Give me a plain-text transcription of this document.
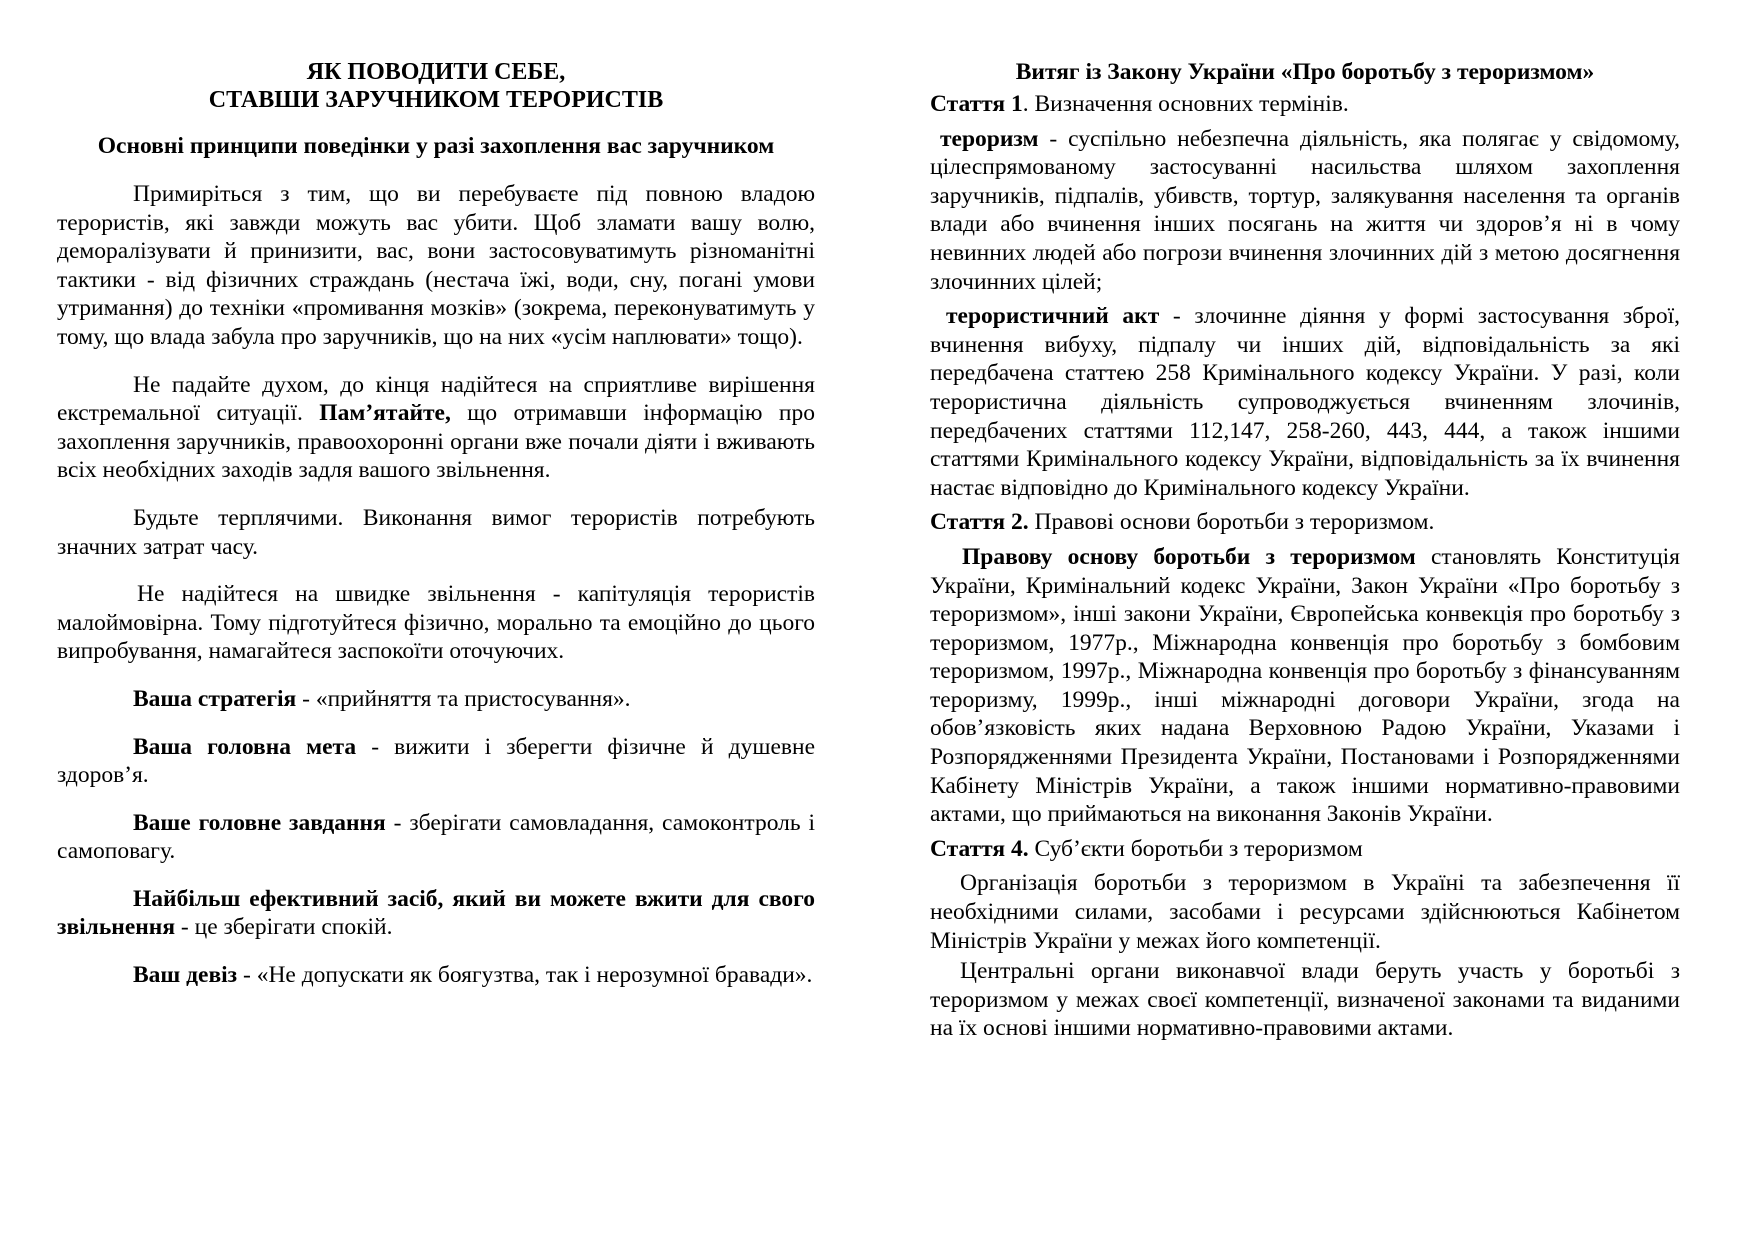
ЯК ПОВОДИТИ СЕБЕ,
СТАВШИ ЗАРУЧНИКОМ ТЕРОРИСТІВ
Основні принципи поведінки у разі захоплення вас заручником

Примиріться з тим, що ви перебуваєте під повною владою терористів, які завжди можуть вас убити. Щоб зламати вашу волю, деморалізувати й принизити, вас, вони застосовуватимуть різноманітні тактики - від фізичних страждань (нестача їжі, води, сну, погані умови утримання) до техніки «промивання мозків» (зокрема, переконуватимуть у тому, що влада забула про заручників, що на них «усім наплювати» тощо).

Не падайте духом, до кінця надійтеся на сприятливе вирішення екстремальної ситуації. Пам’ятайте, що отримавши інформацію про захоплення заручників, правоохоронні органи вже почали діяти і вживають всіх необхідних заходів задля вашого звільнення.

Будьте терплячими. Виконання вимог терористів потребують значних затрат часу.

Не надійтеся на швидке звільнення - капітуляція терористів малоймовірна. Тому підготуйтеся фізично, морально та емоційно до цього випробування, намагайтеся заспокоїти оточуючих.

Ваша стратегія - «прийняття та пристосування».

Ваша головна мета - вижити і зберегти фізичне й душевне здоров’я.

Ваше головне завдання - зберігати самовладання, самоконтроль і самоповагу.

Найбільш ефективний засіб, який ви можете вжити для свого звільнення - це зберігати спокій.

Ваш девіз - «Не допускати як боягузтва, так і нерозумної бравади».

Витяг із Закону України «Про боротьбу з тероризмом»

Стаття 1. Визначення основних термінів.

тероризм - суспільно небезпечна діяльність, яка полягає у свідомому, цілеспрямованому застосуванні насильства шляхом захоплення заручників, підпалів, убивств, тортур, залякування населення та органів влади або вчинення інших посягань на життя чи здоров’я ні в чому невинних людей або погрози вчинення злочинних дій з метою досягнення злочинних цілей;

терористичний акт - злочинне діяння у формі застосування зброї, вчинення вибуху, підпалу чи інших дій, відповідальність за які передбачена статтею 258 Кримінального кодексу України. У разі, коли терористична діяльність супроводжується вчиненням злочинів, передбачених статтями 112,147, 258-260, 443, 444, а також іншими статтями Кримінального кодексу України, відповідальність за їх вчинення настає відповідно до Кримінального кодексу України.

Стаття 2. Правові основи боротьби з тероризмом.

Правову основу боротьби з тероризмом становлять Конституція України, Кримінальний кодекс України, Закон України «Про боротьбу з тероризмом», інші закони України, Європейська конвекція про боротьбу з тероризмом, 1977р., Міжнародна конвенція про боротьбу з бомбовим тероризмом, 1997р., Міжнародна конвенція про боротьбу з фінансуванням тероризму, 1999р., інші міжнародні договори України, згода на обов’язковість яких надана Верховною Радою України, Указами і Розпорядженнями Президента України, Постановами і Розпорядженнями Кабінету Міністрів України, а також іншими нормативно-правовими актами, що приймаються на виконання Законів України.

Стаття 4. Суб’єкти боротьби з тероризмом

Організація боротьби з тероризмом в Україні та забезпечення її необхідними силами, засобами і ресурсами здійснюються Кабінетом Міністрів України у межах його компетенції.

Центральні органи виконавчої влади беруть участь у боротьбі з тероризмом у межах своєї компетенції, визначеної законами та виданими на їх основі іншими нормативно-правовими актами.
